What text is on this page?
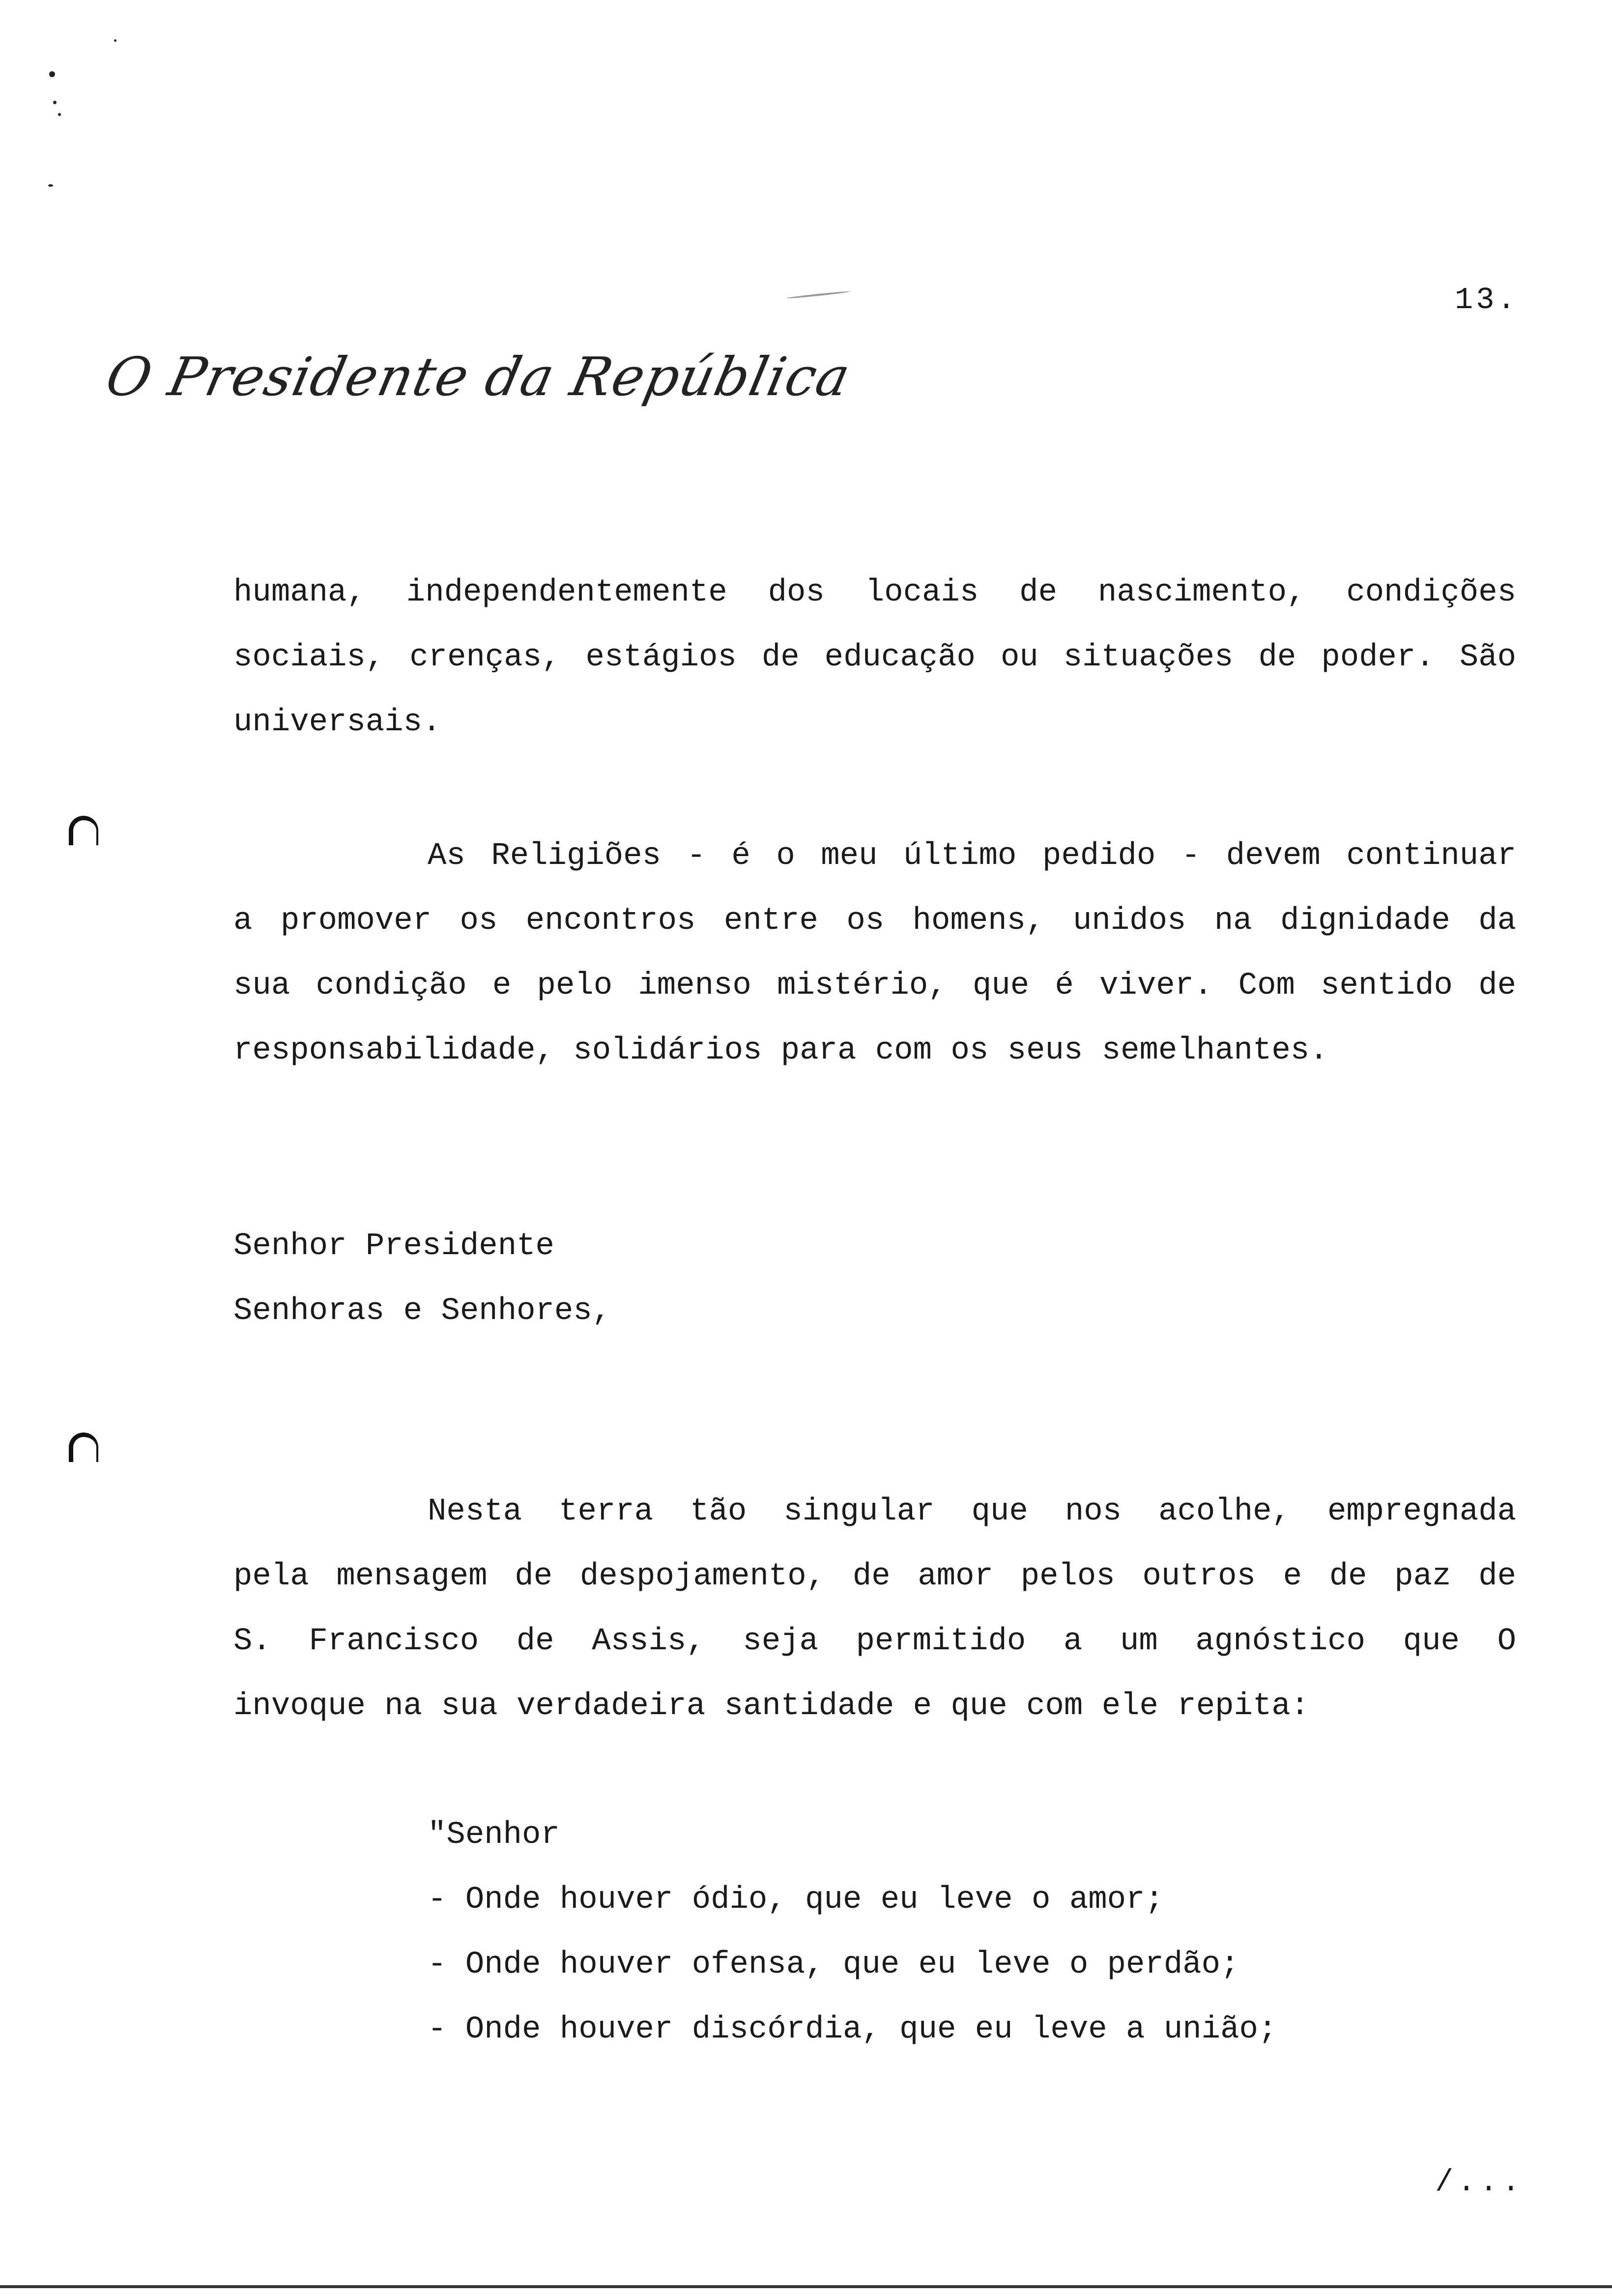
13.
O Presidente da República
humana, independentemente dos locais de nascimento, condições
sociais, crenças, estágios de educação ou situações de poder. São
universais.
As Religiões - é o meu último pedido - devem continuar
a promover os encontros entre os homens, unidos na dignidade da
sua condição e pelo imenso mistério, que é viver. Com sentido de
responsabilidade, solidários para com os seus semelhantes.
Senhor Presidente
Senhoras e Senhores,
Nesta terra tão singular que nos acolhe, empregnada
pela mensagem de despojamento, de amor pelos outros e de paz de
S. Francisco de Assis, seja permitido a um agnóstico que O
invoque na sua verdadeira santidade e que com ele repita:
"Senhor
- Onde houver ódio, que eu leve o amor;
- Onde houver ofensa, que eu leve o perdão;
- Onde houver discórdia, que eu leve a união;
/...
